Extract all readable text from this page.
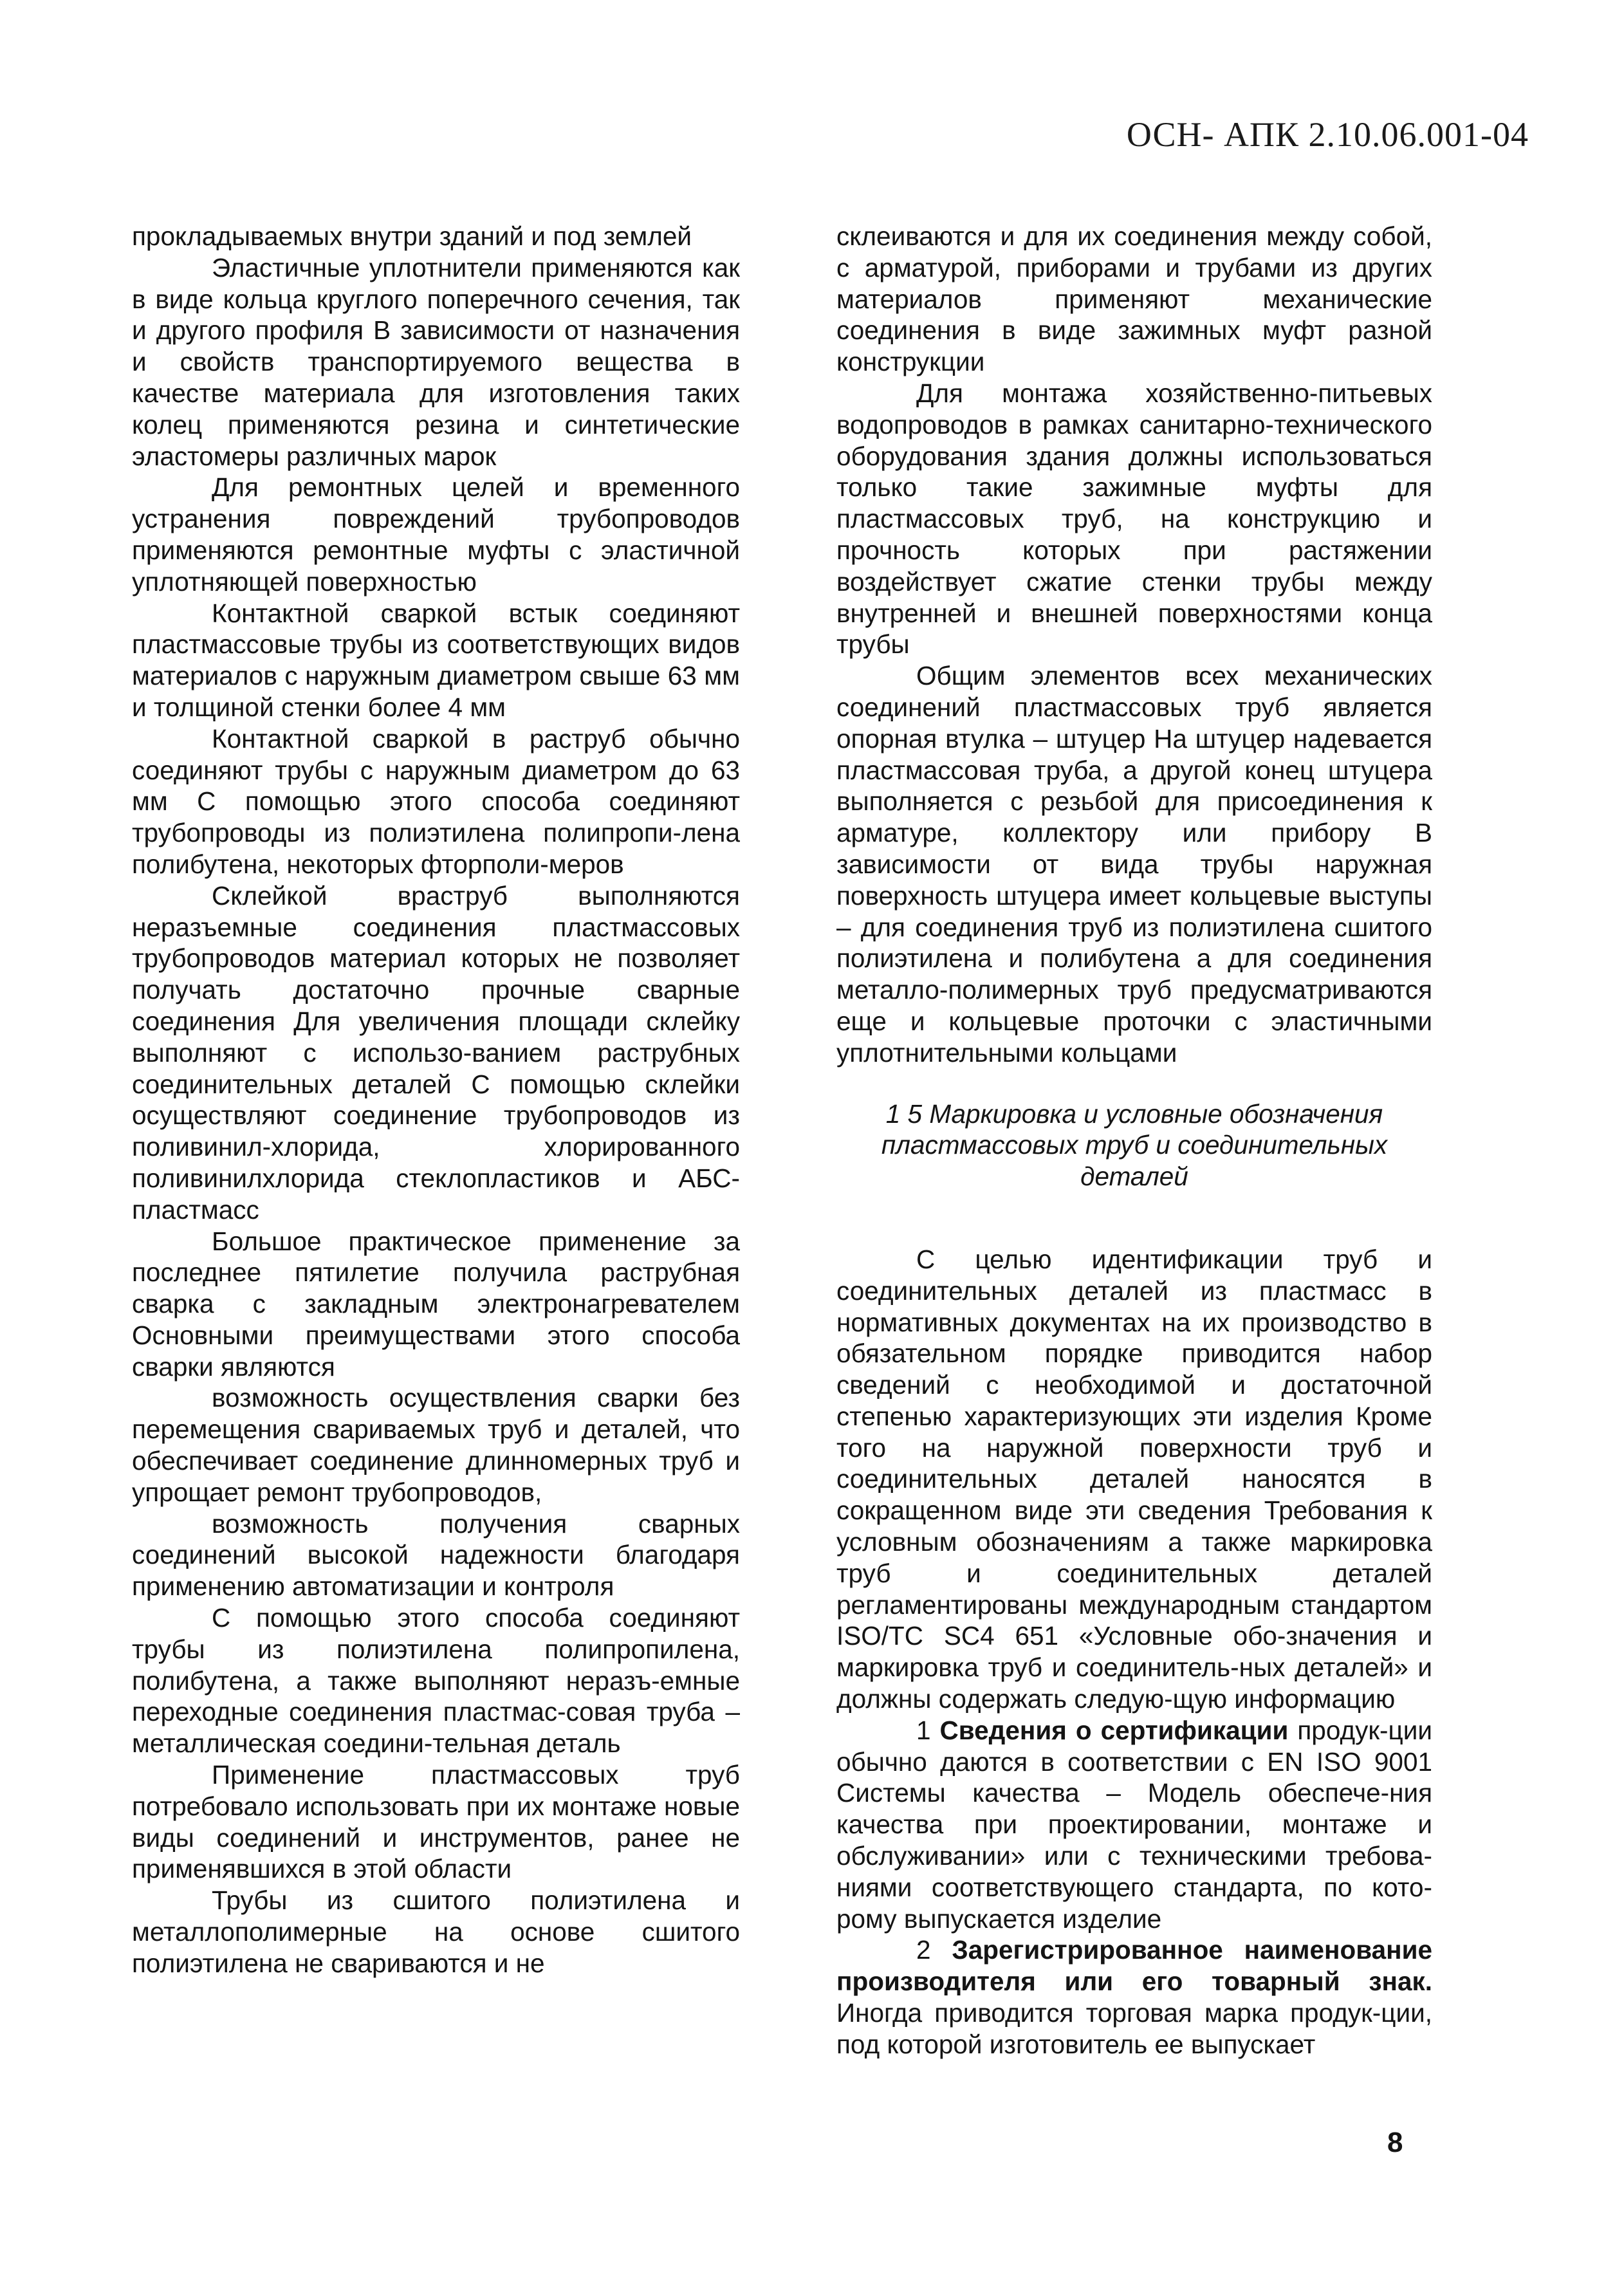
ОСН- АПК 2.10.06.001-04

прокладываемых внутри зданий и под землей

Эластичные уплотнители применяются как в виде кольца круглого поперечного сечения, так и другого профиля В зависимости от назначения и свойств транспортируемого вещества в качестве материала для изготовления таких колец применяются резина и синтетические эластомеры различных марок

Для ремонтных целей и временного устранения повреждений трубопроводов применяются ремонтные муфты с эластичной уплотняющей поверхностью

Контактной сваркой встык соединяют пластмассовые трубы из соответствующих видов материалов с наружным диаметром свыше 63 мм и толщиной стенки более 4 мм

Контактной сваркой в раструб обычно соединяют трубы с наружным диаметром до 63 мм С помощью этого способа соединяют трубопроводы из полиэтилена полипропи-лена полибутена, некоторых фторполи-меров

Склейкой враструб выполняются неразъемные соединения пластмассовых трубопроводов материал которых не позволяет получать достаточно прочные сварные соединения Для увеличения площади склейку выполняют с использо-ванием раструбных соединительных деталей С помощью склейки осуществляют соединение трубопроводов из поливинил-хлорида, хлорированного поливинилхлорида стеклопластиков и АБС-пластмасс

Большое практическое применение за последнее пятилетие получила раструбная сварка с закладным электронагревателем Основными преимуществами этого способа сварки являются

возможность осуществления сварки без перемещения свариваемых труб и деталей, что обеспечивает соединение длинномерных труб и упрощает ремонт трубопроводов,

возможность получения сварных соединений высокой надежности благодаря применению автоматизации и контроля

С помощью этого способа соединяют трубы из полиэтилена полипропилена, полибутена, а также выполняют неразъ-емные переходные соединения пластмас-совая труба – металлическая соедини-тельная деталь

Применение пластмассовых труб потребовало использовать при их монтаже новые виды соединений и инструментов, ранее не применявшихся в этой области

Трубы из сшитого полиэтилена и металлополимерные на основе сшитого полиэтилена не свариваются и не

склеиваются и для их соединения между собой, с арматурой, приборами и трубами из других материалов применяют механические соединения в виде зажимных муфт разной конструкции

Для монтажа хозяйственно-питьевых водопроводов в рамках санитарно-технического оборудования здания должны использоваться только такие зажимные муфты для пластмассовых труб, на конструкцию и прочность которых при растяжении воздействует сжатие стенки трубы между внутренней и внешней поверхностями конца трубы

Общим элементов всех механических соединений пластмассовых труб является опорная втулка – штуцер На штуцер надевается пластмассовая труба, а другой конец штуцера выполняется с резьбой для присоединения к арматуре, коллектору или прибору В зависимости от вида трубы наружная поверхность штуцера имеет кольцевые выступы – для соединения труб из полиэтилена сшитого полиэтилена и полибутена а для соединения металло-полимерных труб предусматриваются еще и кольцевые проточки с эластичными уплотнительными кольцами

1 5 Маркировка и условные обозначения пластмассовых труб и соединительных деталей

С целью идентификации труб и соединительных деталей из пластмасс в нормативных документах на их производство в обязательном порядке приводится набор сведений с необходимой и достаточной степенью характеризующих эти изделия Кроме того на наружной поверхности труб и соединительных деталей наносятся в сокращенном виде эти сведения Требования к условным обозначениям а также маркировка труб и соединительных деталей регламентированы международным стандартом ISO/TC SC4 651 «Условные обо-значения и маркировка труб и соединитель-ных деталей» и должны содержать следую-щую информацию

1 Сведения о сертификации продук-ции обычно даются в соответствии с EN ISO 9001 Системы качества – Модель обеспече-ния качества при проектировании, монтаже и обслуживании» или с техническими требова-ниями соответствующего стандарта, по кото-рому выпускается изделие

2 Зарегистрированное наименование производителя или его товарный знак. Иногда приводится торговая марка продук-ции, под которой изготовитель ее выпускает

8
